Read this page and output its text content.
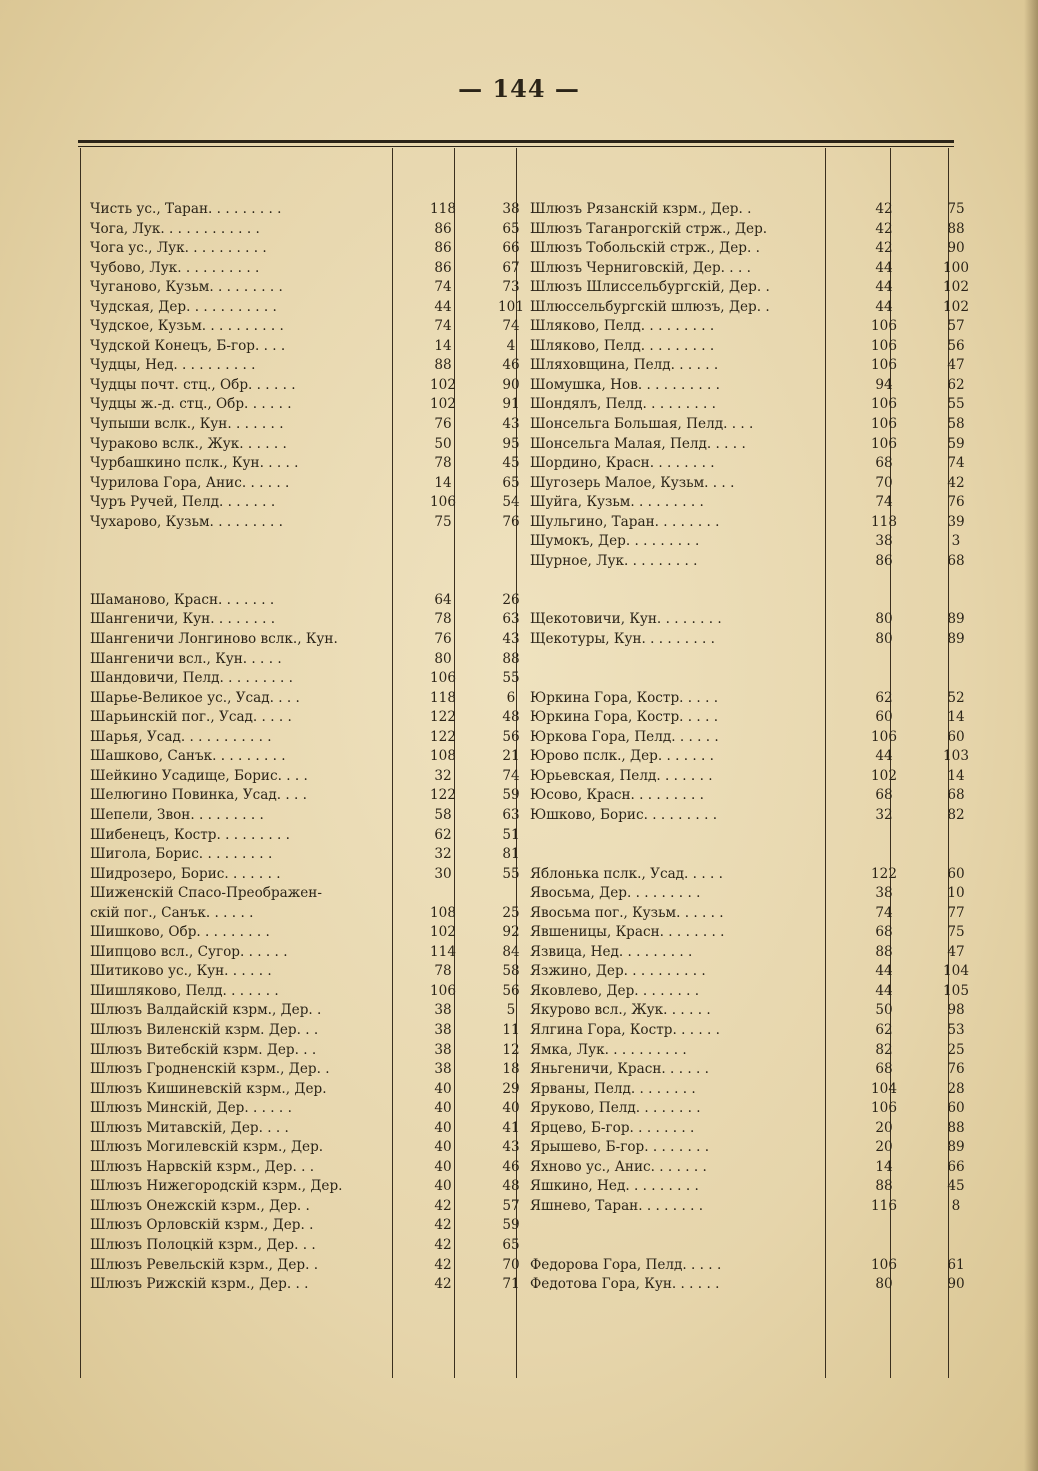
— 144 —
Чисть ус., Таран. . . . . . . . .	118	38
Чога, Лук. . . . . . . . . . . .	86	65
Чога ус., Лук. . . . . . . . . .	86	66
Чубово, Лук. . . . . . . . . .	86	67
Чуганово, Кузьм. . . . . . . . .	74	73
Чудская, Дер. . . . . . . . . . .	44	101
Чудское, Кузьм. . . . . . . . . .	74	74
Чудской Конецъ, Б-гор. . . .	14	4
Чудцы, Нед. . . . . . . . . .	88	46
Чудцы почт. стц., Обр. . . . . .	102	90
Чудцы ж.-д. стц., Обр. . . . . .	102	91
Чупыши вслк., Кун. . . . . . .	76	43
Чураково вслк., Жук. . . . . .	50	95
Чурбашкино пслк., Кун. . . . .	78	45
Чурилова Гора, Анис. . . . . .	14	65
Чуръ Ручей, Пелд. . . . . . .	106	54
Чухарово, Кузьм. . . . . . . . .	75	76
Шаманово, Красн. . . . . . .	64	26
Шангеничи, Кун. . . . . . . .	78	63
Шангеничи Лонгиново вслк., Кун.	76	43
Шангеничи всл., Кун. . . . .	80	88
Шандовичи, Пелд. . . . . . . . .	106	55
Шарье-Великое ус., Усад. . . .	118	6
Шарьинскій пог., Усад. . . . .	122	48
Шарья, Усад. . . . . . . . . . .	122	56
Шашково, Санък. . . . . . . . .	108	21
Шейкино Усадище, Борис. . . .	32	74
Шелюгино Повинка, Усад. . . .	122	59
Шепели, Звон. . . . . . . . .	58	63
Шибенецъ, Костр. . . . . . . . .	62	51
Шигола, Борис. . . . . . . . .	32	81
Шидрозеро, Борис. . . . . . .	30	55
Шиженскій Спасо-Преображен-
скій пог., Санък. . . . . .	108	25
Шишково, Обр. . . . . . . . .	102	92
Шипцово всл., Сугор. . . . . .	114	84
Шитиково ус., Кун. . . . . .	78	58
Шишляково, Пелд. . . . . . .	106	56
Шлюзъ Валдайскій кзрм., Дер. .	38	5
Шлюзъ Виленскій кзрм. Дер. . .	38	11
Шлюзъ Витебскій кзрм. Дер. . .	38	12
Шлюзъ Гродненскій кзрм., Дер. .	38	18
Шлюзъ Кишиневскій кзрм., Дер.	40	29
Шлюзъ Минскій, Дер. . . . . .	40	40
Шлюзъ Митавскій, Дер. . . .	40	41
Шлюзъ Могилевскій кзрм., Дер.	40	43
Шлюзъ Нарвскій кзрм., Дер. . .	40	46
Шлюзъ Нижегородскій кзрм., Дер.	40	48
Шлюзъ Онежскій кзрм., Дер. .	42	57
Шлюзъ Орловскій кзрм., Дер. .	42	59
Шлюзъ Полоцкій кзрм., Дер. . .	42	65
Шлюзъ Ревельскій кзрм., Дер. .	42	70
Шлюзъ Рижскій кзрм., Дер. . .	42	71
Шлюзъ Рязанскій кзрм., Дер. .	42	75
Шлюзъ Таганрогскій стрж., Дер.	42	88
Шлюзъ Тобольскій стрж., Дер. .	42	90
Шлюзъ Черниговскій, Дер. . . .	44	100
Шлюзъ Шлиссельбургскій, Дер. .	44	102
Шлюссельбургскій шлюзъ, Дер. .	44	102
Шляково, Пелд. . . . . . . . .	106	57
Шляково, Пелд. . . . . . . . .	106	56
Шляховщина, Пелд. . . . . .	106	47
Шомушка, Нов. . . . . . . . . .	94	62
Шондялъ, Пелд. . . . . . . . .	106	55
Шонсельга Большая, Пелд. . . .	106	58
Шонсельга Малая, Пелд. . . . .	106	59
Шордино, Красн. . . . . . . .	68	74
Шугозерь Малое, Кузьм. . . .	70	42
Шуйга, Кузьм. . . . . . . . .	74	76
Шульгино, Таран. . . . . . . .	118	39
Шумокъ, Дер. . . . . . . . .	38	3
Шурное, Лук. . . . . . . . .	86	68
Щекотовичи, Кун. . . . . . . .	80	89
Щекотуры, Кун. . . . . . . . .	80	89
Юркина Гора, Костр. . . . .	62	52
Юркина Гора, Костр. . . . .	60	14
Юркова Гора, Пелд. . . . . .	106	60
Юрово пслк., Дер. . . . . . .	44	103
Юрьевская, Пелд. . . . . . .	102	14
Юсово, Красн. . . . . . . . .	68	68
Юшково, Борис. . . . . . . . .	32	82
Яблонька пслк., Усад. . . . .	122	60
Явосьма, Дер. . . . . . . . .	38	10
Явосьма пог., Кузьм. . . . . .	74	77
Явшеницы, Красн. . . . . . . .	68	75
Язвица, Нед. . . . . . . . .	88	47
Язжино, Дер. . . . . . . . . .	44	104
Яковлево, Дер. . . . . . . .	44	105
Якурово всл., Жук. . . . . .	50	98
Ялгина Гора, Костр. . . . . .	62	53
Ямка, Лук. . . . . . . . . .	82	25
Яньгеничи, Красн. . . . . .	68	76
Ярваны, Пелд. . . . . . . .	104	28
Яруково, Пелд. . . . . . . .	106	60
Ярцево, Б-гор. . . . . . . .	20	88
Ярышево, Б-гор. . . . . . . .	20	89
Яхново ус., Анис. . . . . . .	14	66
Яшкино, Нед. . . . . . . . .	88	45
Яшнево, Таран. . . . . . . .	116	8
Федорова Гора, Пелд. . . . .	106	61
Федотова Гора, Кун. . . . . .	80	90
